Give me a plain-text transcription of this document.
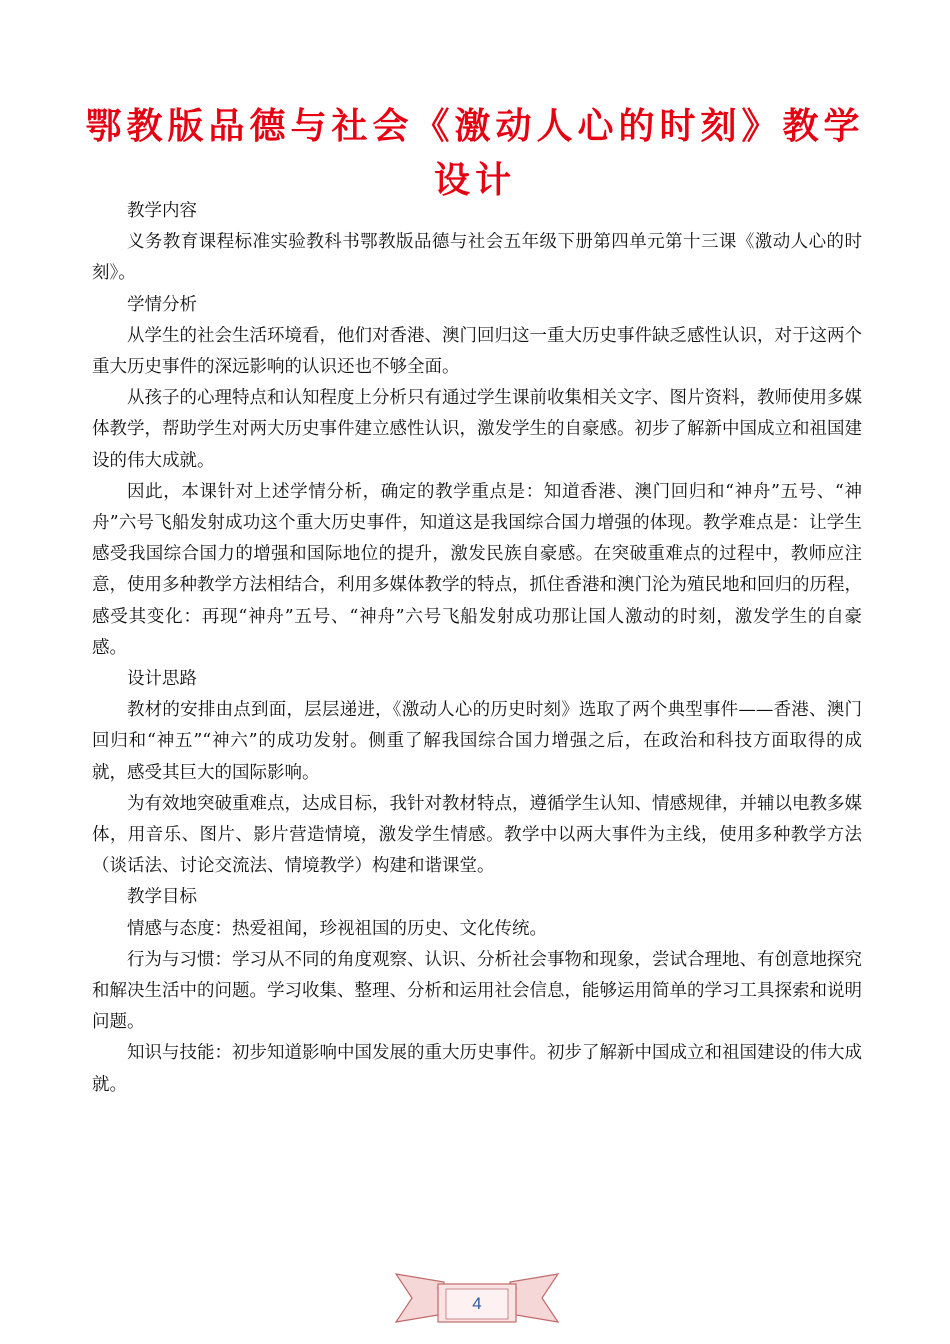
鄂教版品德与社会《激动人心的时刻》教学设计

教学内容

义务教育课程标准实验教科书鄂教版品德与社会五年级下册第四单元第十三课《激动人心的时刻》。

学情分析

从学生的社会生活环境看，他们对香港、澳门回归这一重大历史事件缺乏感性认识，对于这两个重大历史事件的深远影响的认识还也不够全面。

从孩子的心理特点和认知程度上分析只有通过学生课前收集相关文字、图片资料，教师使用多媒体教学，帮助学生对两大历史事件建立感性认识，激发学生的自豪感。初步了解新中国成立和祖国建设的伟大成就。

因此，本课针对上述学情分析，确定的教学重点是：知道香港、澳门回归和“神舟”五号、“神舟”六号飞船发射成功这个重大历史事件，知道这是我国综合国力增强的体现。教学难点是：让学生感受我国综合国力的增强和国际地位的提升，激发民族自豪感。在突破重难点的过程中，教师应注意，使用多种教学方法相结合，利用多媒体教学的特点，抓住香港和澳门沦为殖民地和回归的历程，感受其变化：再现“神舟”五号、“神舟”六号飞船发射成功那让国人激动的时刻，激发学生的自豪感。

设计思路

教材的安排由点到面，层层递进，《激动人心的历史时刻》选取了两个典型事件——香港、澳门回归和“神五”“神六”的成功发射。侧重了解我国综合国力增强之后，在政治和科技方面取得的成就，感受其巨大的国际影响。

为有效地突破重难点，达成目标，我针对教材特点，遵循学生认知、情感规律，并辅以电教多媒体，用音乐、图片、影片营造情境，激发学生情感。教学中以两大事件为主线，使用多种教学方法（谈话法、讨论交流法、情境教学）构建和谐课堂。

教学目标

情感与态度：热爱祖闻，珍视祖国的历史、文化传统。

行为与习惯：学习从不同的角度观察、认识、分析社会事物和现象，尝试合理地、有创意地探究和解决生活中的问题。学习收集、整理、分析和运用社会信息，能够运用简单的学习工具探索和说明问题。

知识与技能：初步知道影响中国发展的重大历史事件。初步了解新中国成立和祖国建设的伟大成就。

4
